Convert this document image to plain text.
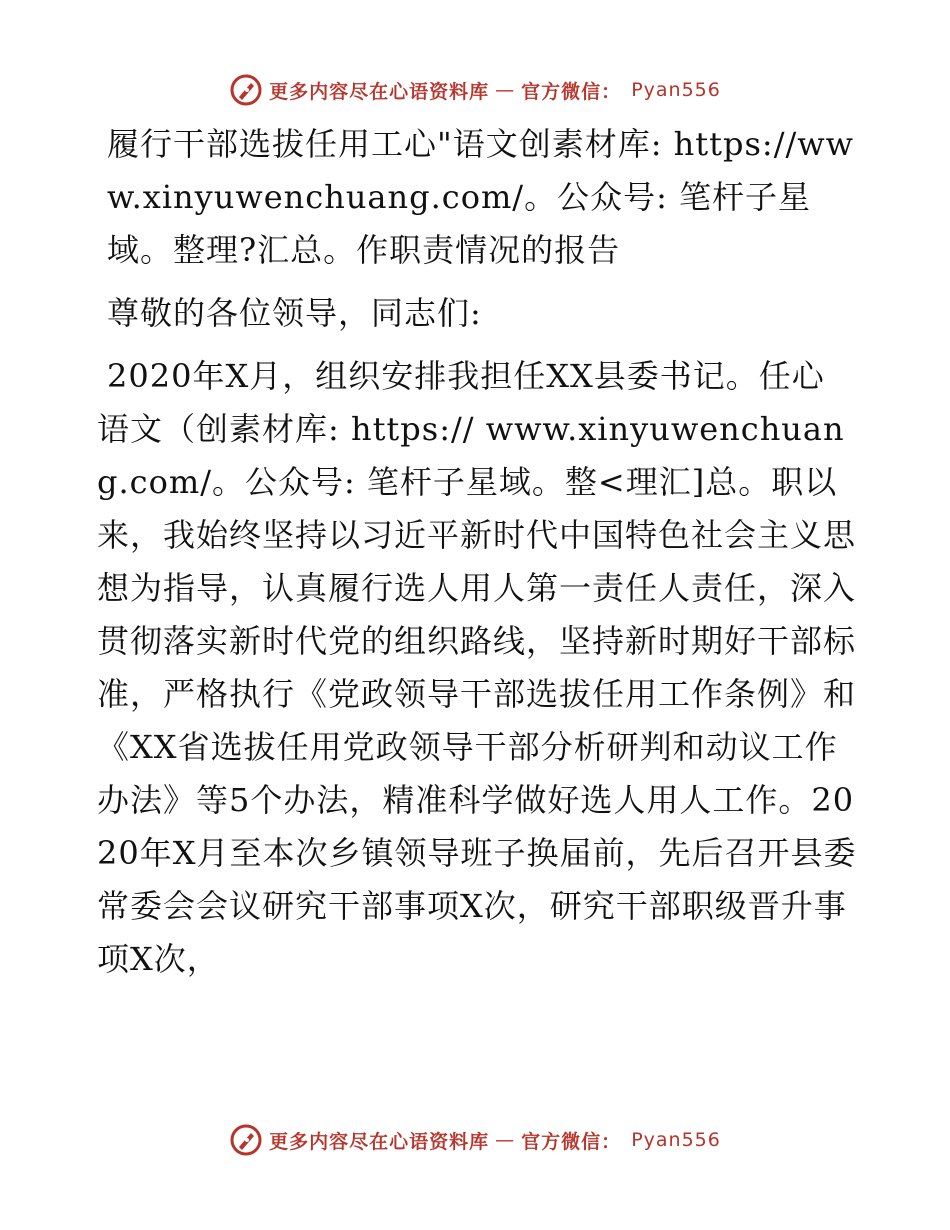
更多内容尽在心语资料库 — 官方微信： Pyan556

履行干部选拔任用工心"语文创素材库: https://www.xinyuwenchuang.com/。公众号: 笔杆子星域。整理?汇总。作职责情况的报告

尊敬的各位领导，同志们:

2020年X月，组织安排我担任XX县委书记。任心语文（创素材库: https:// www.xinyuwenchuang.com/。公众号: 笔杆子星域。整<理汇]总。职以来，我始终坚持以习近平新时代中国特色社会主义思想为指导，认真履行选人用人第一责任人责任，深入贯彻落实新时代党的组织路线，坚持新时期好干部标准，严格执行《党政领导干部选拔任用工作条例》和《XX省选拔任用党政领导干部分析研判和动议工作办法》等5个办法，精准科学做好选人用人工作。2020年X月至本次乡镇领导班子换届前，先后召开县委常委会会议研究干部事项X次，研究干部职级晋升事项X次，

更多内容尽在心语资料库 — 官方微信： Pyan556
